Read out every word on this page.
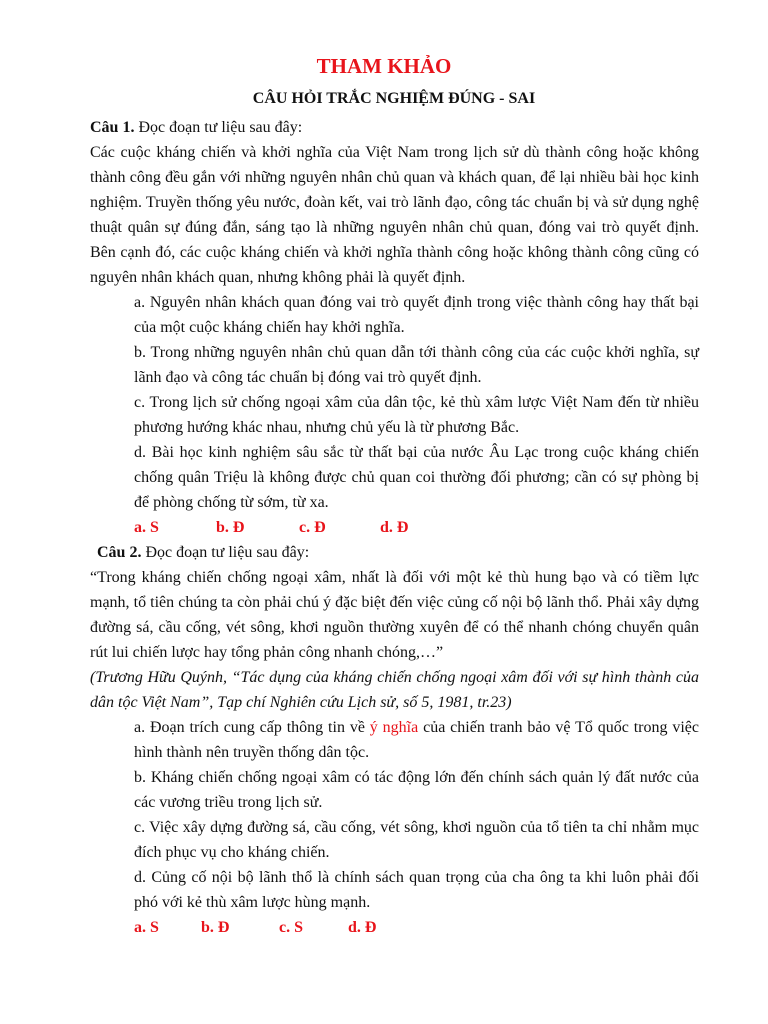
THAM KHẢO
CÂU HỎI TRẮC NGHIỆM ĐÚNG - SAI

Câu 1. Đọc đoạn tư liệu sau đây:

Các cuộc kháng chiến và khởi nghĩa của Việt Nam trong lịch sử dù thành công hoặc không thành công đều gắn với những nguyên nhân chủ quan và khách quan, để lại nhiều bài học kinh nghiệm. Truyền thống yêu nước, đoàn kết, vai trò lãnh đạo, công tác chuẩn bị và sử dụng nghệ thuật quân sự đúng đắn, sáng tạo là những nguyên nhân chủ quan, đóng vai trò quyết định. Bên cạnh đó, các cuộc kháng chiến và khởi nghĩa thành công hoặc không thành công cũng có nguyên nhân khách quan, nhưng không phải là quyết định.

a. Nguyên nhân khách quan đóng vai trò quyết định trong việc thành công hay thất bại của một cuộc kháng chiến hay khởi nghĩa.

b. Trong những nguyên nhân chủ quan dẫn tới thành công của các cuộc khởi nghĩa, sự lãnh đạo và công tác chuẩn bị đóng vai trò quyết định.

c. Trong lịch sử chống ngoại xâm của dân tộc, kẻ thù xâm lược Việt Nam đến từ nhiều phương hướng khác nhau, nhưng chủ yếu là từ phương Bắc.

d. Bài học kinh nghiệm sâu sắc từ thất bại của nước Âu Lạc trong cuộc kháng chiến chống quân Triệu là không được chủ quan coi thường đối phương; cần có sự phòng bị để phòng chống từ sớm, từ xa.

a. S	b. Đ	c. Đ	d. Đ

Câu 2. Đọc đoạn tư liệu sau đây:

“Trong kháng chiến chống ngoại xâm, nhất là đối với một kẻ thù hung bạo và có tiềm lực mạnh, tổ tiên chúng ta còn phải chú ý đặc biệt đến việc củng cố nội bộ lãnh thổ. Phải xây dựng đường sá, cầu cống, vét sông, khơi nguồn thường xuyên để có thể nhanh chóng chuyển quân rút lui chiến lược hay tổng phản công nhanh chóng,…”

(Trương Hữu Quýnh, “Tác dụng của kháng chiến chống ngoại xâm đối với sự hình thành của dân tộc Việt Nam”, Tạp chí Nghiên cứu Lịch sử, số 5, 1981, tr.23)

a. Đoạn trích cung cấp thông tin về ý nghĩa của chiến tranh bảo vệ Tổ quốc trong việc hình thành nên truyền thống dân tộc.

b. Kháng chiến chống ngoại xâm có tác động lớn đến chính sách quản lý đất nước của các vương triều trong lịch sử.

c. Việc xây dựng đường sá, cầu cống, vét sông, khơi nguồn của tổ tiên ta chỉ nhằm mục đích phục vụ cho kháng chiến.

d. Củng cố nội bộ lãnh thổ là chính sách quan trọng của cha ông ta khi luôn phải đối phó với kẻ thù xâm lược hùng mạnh.

a. S	b. Đ	c. S	d. Đ
